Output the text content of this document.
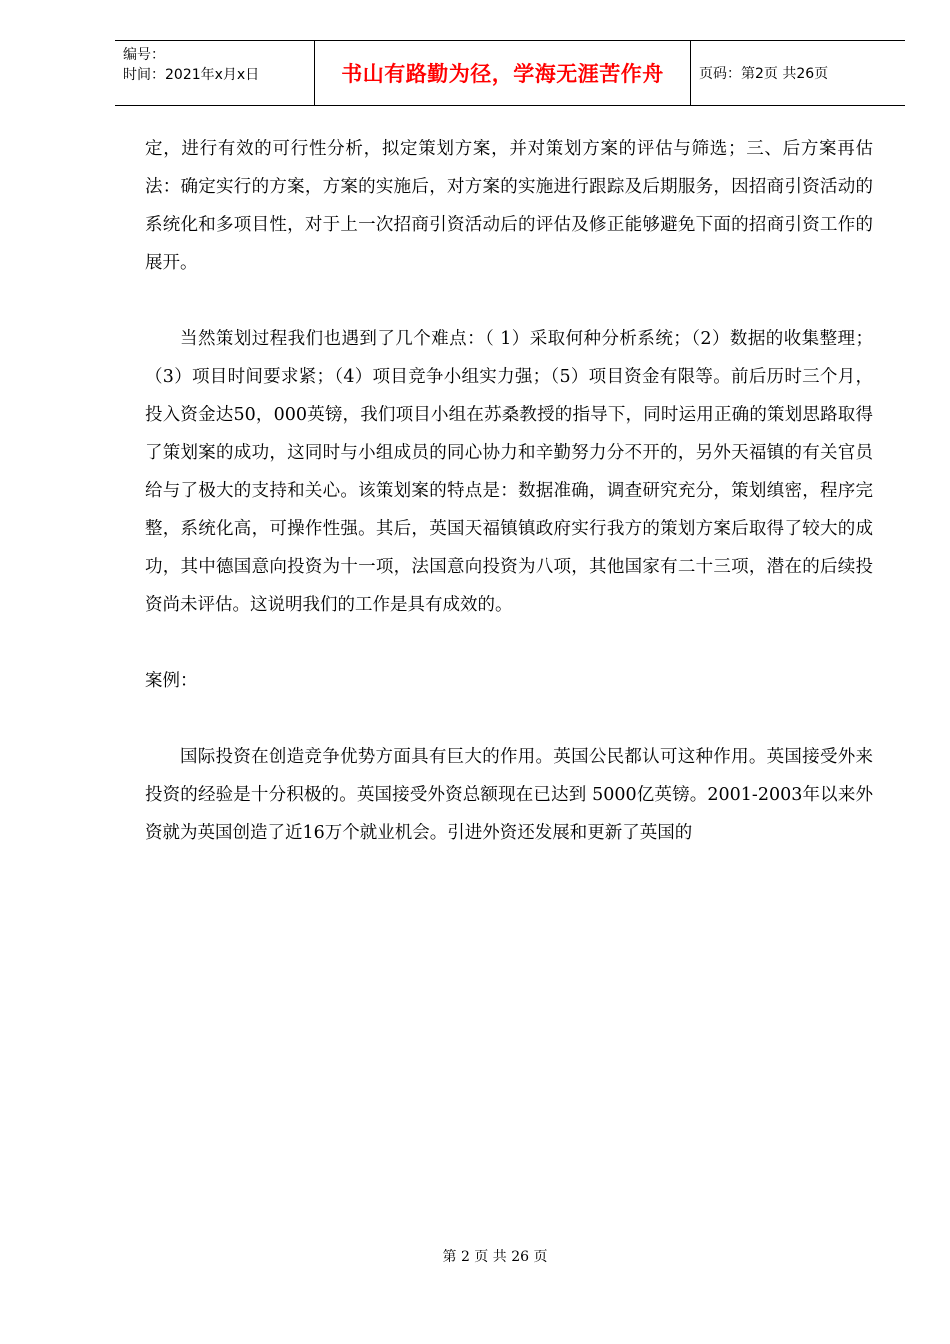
编号：
时间：2021年x月x日	书山有路勤为径，学海无涯苦作舟	页码：第2页 共26页

定，进行有效的可行性分析，拟定策划方案，并对策划方案的评估与筛选；三、后方案再估法：确定实行的方案，方案的实施后，对方案的实施进行跟踪及后期服务，因招商引资活动的系统化和多项目性，对于上一次招商引资活动后的评估及修正能够避免下面的招商引资工作的展开。

当然策划过程我们也遇到了几个难点：（ 1）采取何种分析系统；（2）数据的收集整理；（3）项目时间要求紧；（4）项目竞争小组实力强；（5）项目资金有限等。前后历时三个月，投入资金达50，000英镑，我们项目小组在苏桑教授的指导下，同时运用正确的策划思路取得了策划案的成功，这同时与小组成员的同心协力和辛勤努力分不开的，另外天福镇的有关官员给与了极大的支持和关心。该策划案的特点是：数据准确，调查研究充分，策划缜密，程序完整，系统化高，可操作性强。其后，英国天福镇镇政府实行我方的策划方案后取得了较大的成功，其中德国意向投资为十一项，法国意向投资为八项，其他国家有二十三项，潜在的后续投资尚未评估。这说明我们的工作是具有成效的。

案例：

国际投资在创造竞争优势方面具有巨大的作用。英国公民都认可这种作用。英国接受外来投资的经验是十分积极的。英国接受外资总额现在已达到 5000亿英镑。2001-2003年以来外资就为英国创造了近16万个就业机会。引进外资还发展和更新了英国的

第 2 页 共 26 页
